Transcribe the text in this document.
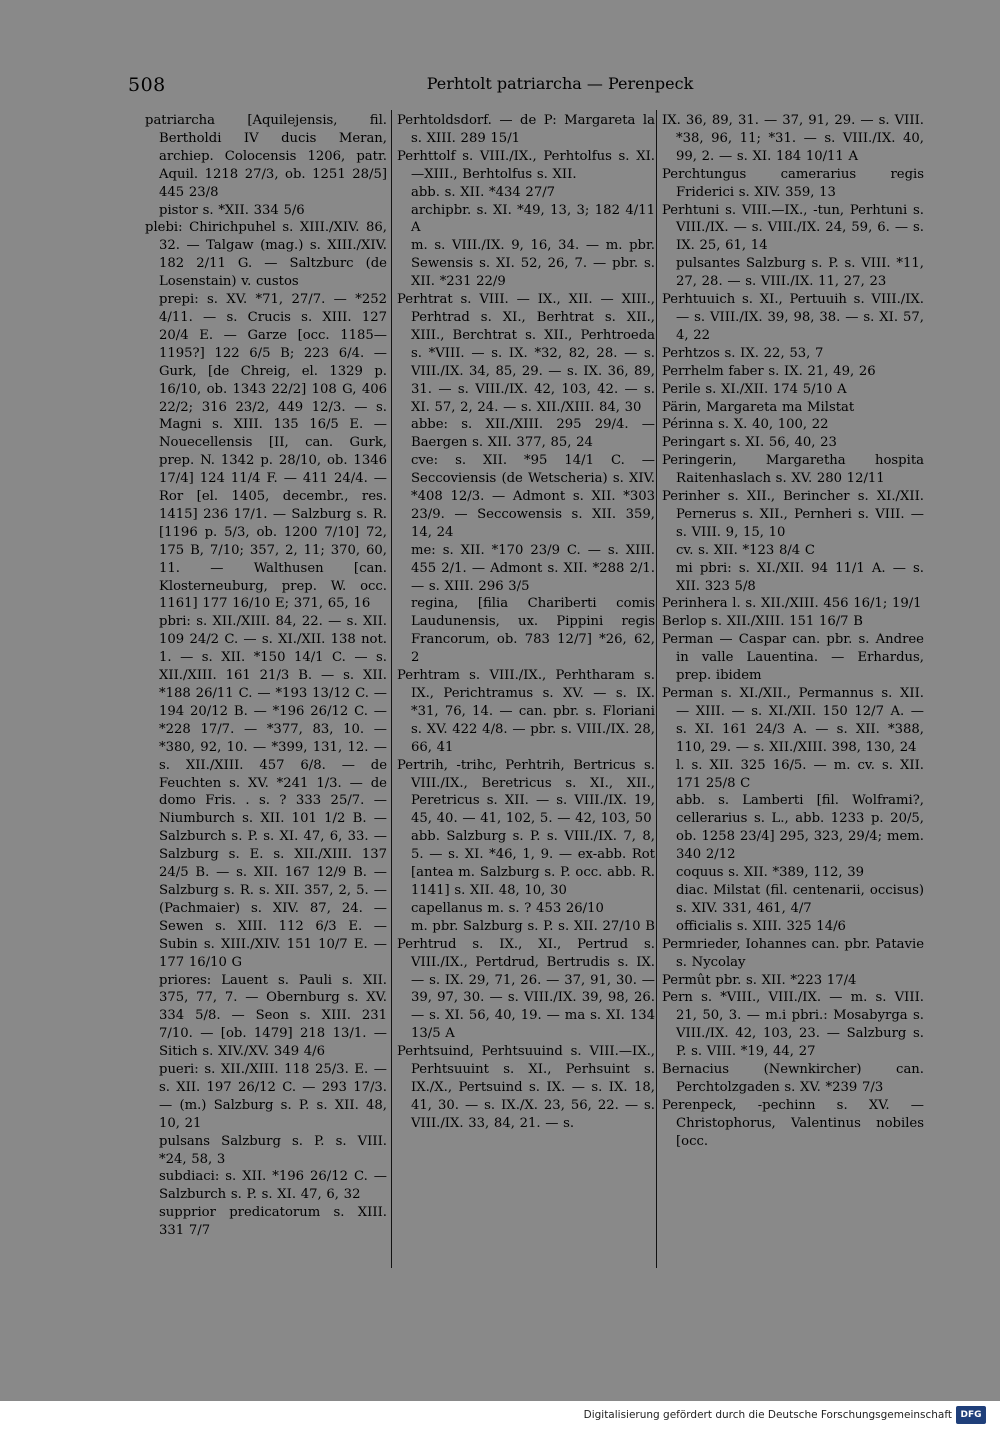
508	Perhtolt patriarcha — Perenpeck

patriarcha [Aquilejensis, fil. Bertholdi IV ducis Meran, archiep. Colocensis 1206, patr. Aquil. 1218 27/3, ob. 1251 28/5] 445 23/8

pistor s. *XII. 334 5/6

plebi: Chirichpuhel s. XIII./XIV. 86, 32. — Talgaw (mag.) s. XIII./XIV. 182 2/11 G. — Saltzburc (de Losenstain) v. custos

prepi: s. XV. *71, 27/7. — *252 4/11. — s. Crucis s. XIII. 127 20/4 E. — Garze [occ. 1185—1195?] 122 6/5 B; 223 6/4. — Gurk, [de Chreig, el. 1329 p. 16/10, ob. 1343 22/2] 108 G, 406 22/2; 316 23/2, 449 12/3. — s. Magni s. XIII. 135 16/5 E. — Nouecellensis [II, can. Gurk, prep. N. 1342 p. 28/10, ob. 1346 17/4] 124 11/4 F. — 411 24/4. — Ror [el. 1405, decembr., res. 1415] 236 17/1. — Salzburg s. R. [1196 p. 5/3, ob. 1200 7/10] 72, 175 B, 7/10; 357, 2, 11; 370, 60, 11. — Walthusen [can. Klosterneuburg, prep. W. occ. 1161] 177 16/10 E; 371, 65, 16

pbri: s. XII./XIII. 84, 22. — s. XII. 109 24/2 C. — s. XI./XII. 138 not. 1. — s. XII. *150 14/1 C. — s. XII./XIII. 161 21/3 B. — s. XII. *188 26/11 C. — *193 13/12 C. — 194 20/12 B. — *196 26/12 C. — *228 17/7. — *377, 83, 10. — *380, 92, 10. — *399, 131, 12. — s. XII./XIII. 457 6/8. — de Feuchten s. XV. *241 1/3. — de domo Fris. . s. ? 333 25/7. — Niumburch s. XII. 101 1/2 B. — Salzburch s. P. s. XI. 47, 6, 33. — Salzburg s. E. s. XII./XIII. 137 24/5 B. — s. XII. 167 12/9 B. — Salzburg s. R. s. XII. 357, 2, 5. — (Pachmaier) s. XIV. 87, 24. — Sewen s. XIII. 112 6/3 E. — Subin s. XIII./XIV. 151 10/7 E. — 177 16/10 G

priores: Lauent s. Pauli s. XII. 375, 77, 7. — Obernburg s. XV. 334 5/8. — Seon s. XIII. 231 7/10. — [ob. 1479] 218 13/1. — Sitich s. XIV./XV. 349 4/6

pueri: s. XII./XIII. 118 25/3. E. — s. XII. 197 26/12 C. — 293 17/3. — (m.) Salzburg s. P. s. XII. 48, 10, 21

pulsans Salzburg s. P. s. VIII. *24, 58, 3

subdiaci: s. XII. *196 26/12 C. — Salzburch s. P. s. XI. 47, 6, 32

supprior predicatorum s. XIII. 331 7/7

Perhtoldsdorf. — de P: Margareta la s. XIII. 289 15/1

Perhttolf s. VIII./IX., Perhtolfus s. XI.—XIII., Berhtolfus s. XII.

abb. s. XII. *434 27/7

archipbr. s. XI. *49, 13, 3; 182 4/11 A

m. s. VIII./IX. 9, 16, 34. — m. pbr. Sewensis s. XI. 52, 26, 7. — pbr. s. XII. *231 22/9

Perhtrat s. VIII. — IX., XII. — XIII., Perhtrad s. XI., Berhtrat s. XII., XIII., Berchtrat s. XII., Perhtroeda s. *VIII. — s. IX. *32, 82, 28. — s. VIII./IX. 34, 85, 29. — s. IX. 36, 89, 31. — s. VIII./IX. 42, 103, 42. — s. XI. 57, 2, 24. — s. XII./XIII. 84, 30

abbe: s. XII./XIII. 295 29/4. — Baergen s. XII. 377, 85, 24

cve: s. XII. *95 14/1 C. — Seccoviensis (de Wetscheria) s. XIV. *408 12/3. — Admont s. XII. *303 23/9. — Seccowensis s. XII. 359, 14, 24

me: s. XII. *170 23/9 C. — s. XIII. 455 2/1. — Admont s. XII. *288 2/1. — s. XIII. 296 3/5

regina, [filia Chariberti comis Laudunensis, ux. Pippini regis Francorum, ob. 783 12/7] *26, 62, 2

Perhtram s. VIII./IX., Perhtharam s. IX., Perichtramus s. XV. — s. IX. *31, 76, 14. — can. pbr. s. Floriani s. XV. 422 4/8. — pbr. s. VIII./IX. 28, 66, 41

Pertrih, -trihc, Perhtrih, Bertricus s. VIII./IX., Beretricus s. XI., XII., Peretricus s. XII. — s. VIII./IX. 19, 45, 40. — 41, 102, 5. — 42, 103, 50

abb. Salzburg s. P. s. VIII./IX. 7, 8, 5. — s. XI. *46, 1, 9. — ex-abb. Rot [antea m. Salzburg s. P. occ. abb. R. 1141] s. XII. 48, 10, 30

capellanus m. s. ? 453 26/10

m. pbr. Salzburg s. P. s. XII. 27/10 B

Perhtrud s. IX., XI., Pertrud s. VIII./IX., Pertdrud, Bertrudis s. IX. — s. IX. 29, 71, 26. — 37, 91, 30. — 39, 97, 30. — s. VIII./IX. 39, 98, 26. — s. XI. 56, 40, 19. — ma s. XI. 134 13/5 A

Perhtsuind, Perhtsuuind s. VIII.—IX., Perhtsuuint s. XI., Perhsuint s. IX./X., Pertsuind s. IX. — s. IX. 18, 41, 30. — s. IX./X. 23, 56, 22. — s. VIII./IX. 33, 84, 21. — s.

IX. 36, 89, 31. — 37, 91, 29. — s. VIII. *38, 96, 11; *31. — s. VIII./IX. 40, 99, 2. — s. XI. 184 10/11 A

Perchtungus camerarius regis Friderici s. XIV. 359, 13

Perhtuni s. VIII.—IX., -tun, Perhtuni s. VIII./IX. — s. VIII./IX. 24, 59, 6. — s. IX. 25, 61, 14

pulsantes Salzburg s. P. s. VIII. *11, 27, 28. — s. VIII./IX. 11, 27, 23

Perhtuuich s. XI., Pertuuih s. VIII./IX. — s. VIII./IX. 39, 98, 38. — s. XI. 57, 4, 22

Perhtzos s. IX. 22, 53, 7

Perrhelm faber s. IX. 21, 49, 26

Perile s. XI./XII. 174 5/10 A

Pärin, Margareta ma Milstat

Périnna s. X. 40, 100, 22

Peringart s. XI. 56, 40, 23

Peringerin, Margaretha hospita Raitenhaslach s. XV. 280 12/11

Perinher s. XII., Berincher s. XI./XII. Pernerus s. XII., Pernheri s. VIII. — s. VIII. 9, 15, 10

cv. s. XII. *123 8/4 C

mi pbri: s. XI./XII. 94 11/1 A. — s. XII. 323 5/8

Perinhera l. s. XII./XIII. 456 16/1; 19/1

Berlop s. XII./XIII. 151 16/7 B

Perman — Caspar can. pbr. s. Andree in valle Lauentina. — Erhardus, prep. ibidem

Perman s. XI./XII., Permannus s. XII. — XIII. — s. XI./XII. 150 12/7 A. — s. XI. 161 24/3 A. — s. XII. *388, 110, 29. — s. XII./XIII. 398, 130, 24

l. s. XII. 325 16/5. — m. cv. s. XII. 171 25/8 C

abb. s. Lamberti [fil. Wolframi?, cellerarius s. L., abb. 1233 p. 20/5, ob. 1258 23/4] 295, 323, 29/4; mem. 340 2/12

coquus s. XII. *389, 112, 39

diac. Milstat (fil. centenarii, occisus) s. XIV. 331, 461, 4/7

officialis s. XIII. 325 14/6

Permrieder, Iohannes can. pbr. Patavie s. Nycolay

Permût pbr. s. XII. *223 17/4

Pern s. *VIII., VIII./IX. — m. s. VIII. 21, 50, 3. — m.i pbri.: Mosabyrga s. VIII./IX. 42, 103, 23. — Salzburg s. P. s. VIII. *19, 44, 27

Bernacius (Newnkircher) can. Perchtolzgaden s. XV. *239 7/3

Perenpeck, -pechinn s. XV. — Christophorus, Valentinus nobiles [occ.

Digitalisierung gefördert durch die Deutsche Forschungsgemeinschaft DFG
